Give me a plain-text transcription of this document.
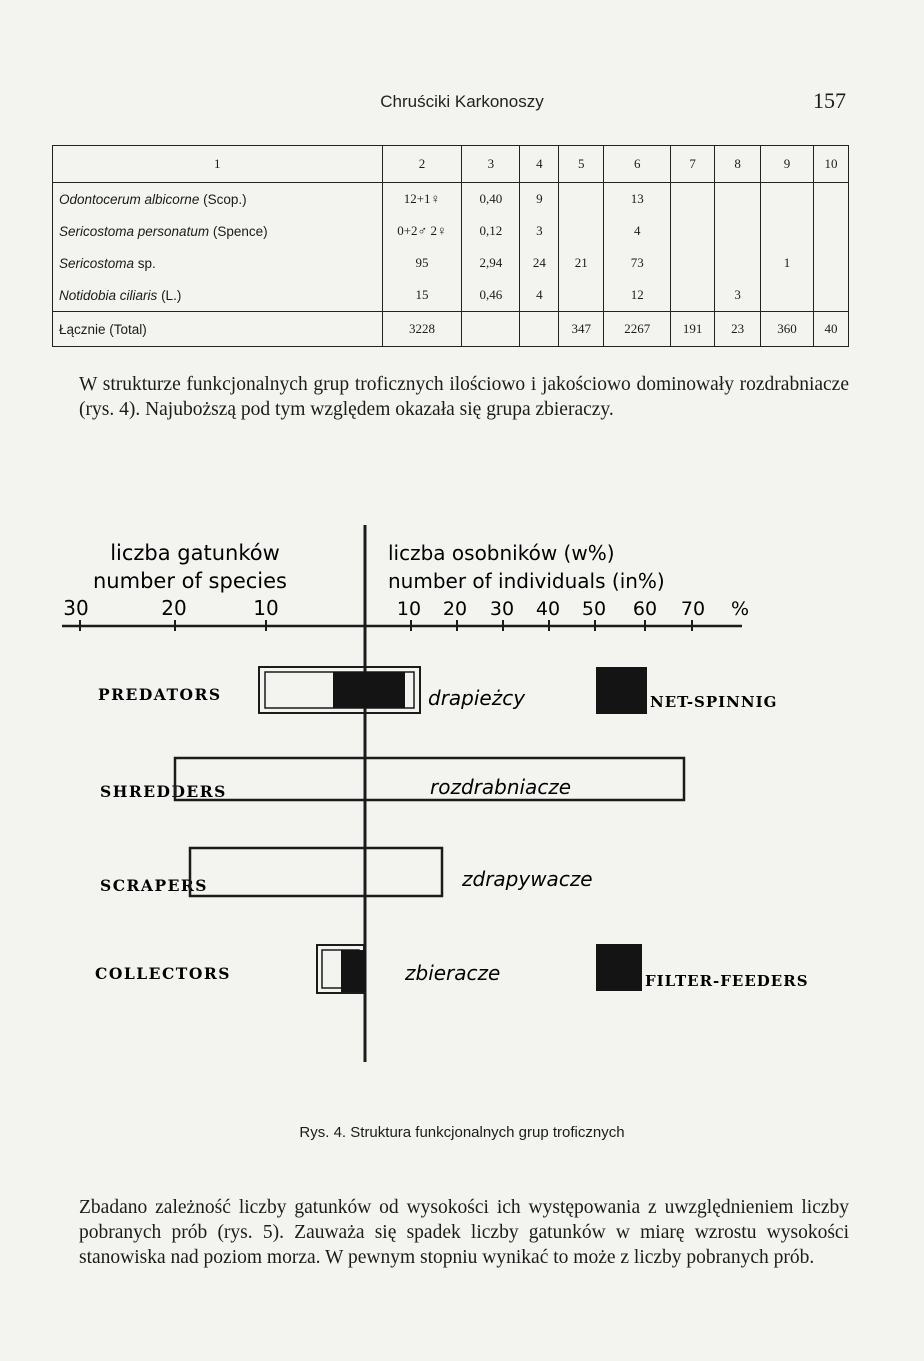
Chruściki Karkonoszy	157
1	2	3	4	5	6	7	8	9	10
Odontocerum albicorne (Scop.)	12+1♀	0,40	9		13				
Sericostoma personatum (Spence)	0+2♂ 2♀	0,12	3		4				
Sericostoma sp.	95	2,94	24	21	73			1	
Notidobia ciliaris (L.)	15	0,46	4		12		3		
Łącznie (Total)	3228			347	2267	191	23	360	40

W strukturze funkcjonalnych grup troficznych ilościowo i jakościowo dominowały rozdrabniacze (rys. 4). Najuboższą pod tym względem okazała się grupa zbieraczy.

liczba gatunków
number of species
liczba osobników (w%)
number of individuals (in%)
30	20	10	10 20 30 40 50 60 70 %
PREDATORS	drapieżcy	NET-SPINNIG
SHREDDERS	rozdrabniacze
SCRAPERS	zdrapywacze
COLLECTORS	zbieracze	FILTER-FEEDERS
Rys. 4. Struktura funkcjonalnych grup troficznych

Zbadano zależność liczby gatunków od wysokości ich występowania z uwzględnieniem liczby pobranych prób (rys. 5). Zauważa się spadek liczby gatunków w miarę wzrostu wysokości stanowiska nad poziom morza. W pewnym stopniu wynikać to może z liczby pobranych prób.
